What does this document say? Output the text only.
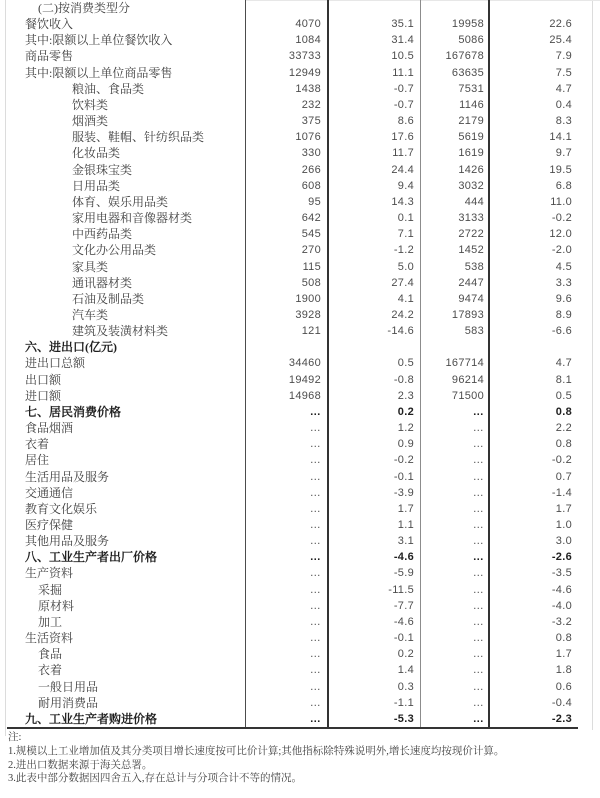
(二)按消费类型分
餐饮收入	4070	35.1	19958	22.6
其中:限额以上单位餐饮收入	1084	31.4	5086	25.4
商品零售	33733	10.5	167678	7.9
其中:限额以上单位商品零售	12949	11.1	63635	7.5
粮油、食品类	1438	-0.7	7531	4.7
饮料类	232	-0.7	1146	0.4
烟酒类	375	8.6	2179	8.3
服装、鞋帽、针纺织品类	1076	17.6	5619	14.1
化妆品类	330	11.7	1619	9.7
金银珠宝类	266	24.4	1426	19.5
日用品类	608	9.4	3032	6.8
体育、娱乐用品类	95	14.3	444	11.0
家用电器和音像器材类	642	0.1	3133	-0.2
中西药品类	545	7.1	2722	12.0
文化办公用品类	270	-1.2	1452	-2.0
家具类	115	5.0	538	4.5
通讯器材类	508	27.4	2447	3.3
石油及制品类	1900	4.1	9474	9.6
汽车类	3928	24.2	17893	8.9
建筑及装潢材料类	121	-14.6	583	-6.6
六、进出口(亿元)
进出口总额	34460	0.5	167714	4.7
出口额	19492	-0.8	96214	8.1
进口额	14968	2.3	71500	0.5
七、居民消费价格	…	0.2	…	0.8
食品烟酒	…	1.2	…	2.2
衣着	…	0.9	…	0.8
居住	…	-0.2	…	-0.2
生活用品及服务	…	-0.1	…	0.7
交通通信	…	-3.9	…	-1.4
教育文化娱乐	…	1.7	…	1.7
医疗保健	…	1.1	…	1.0
其他用品及服务	…	3.1	…	3.0
八、工业生产者出厂价格	…	-4.6	…	-2.6
生产资料	…	-5.9	…	-3.5
采掘	…	-11.5	…	-4.6
原材料	…	-7.7	…	-4.0
加工	…	-4.6	…	-3.2
生活资料	…	-0.1	…	0.8
食品	…	0.2	…	1.7
衣着	…	1.4	…	1.8
一般日用品	…	0.3	…	0.6
耐用消费品	…	-1.1	…	-0.4
九、工业生产者购进价格	…	-5.3	…	-2.3
注:
1.规模以上工业增加值及其分类项目增长速度按可比价计算;其他指标除特殊说明外,增长速度均按现价计算。
2.进出口数据来源于海关总署。
3.此表中部分数据因四舍五入,存在总计与分项合计不等的情况。
